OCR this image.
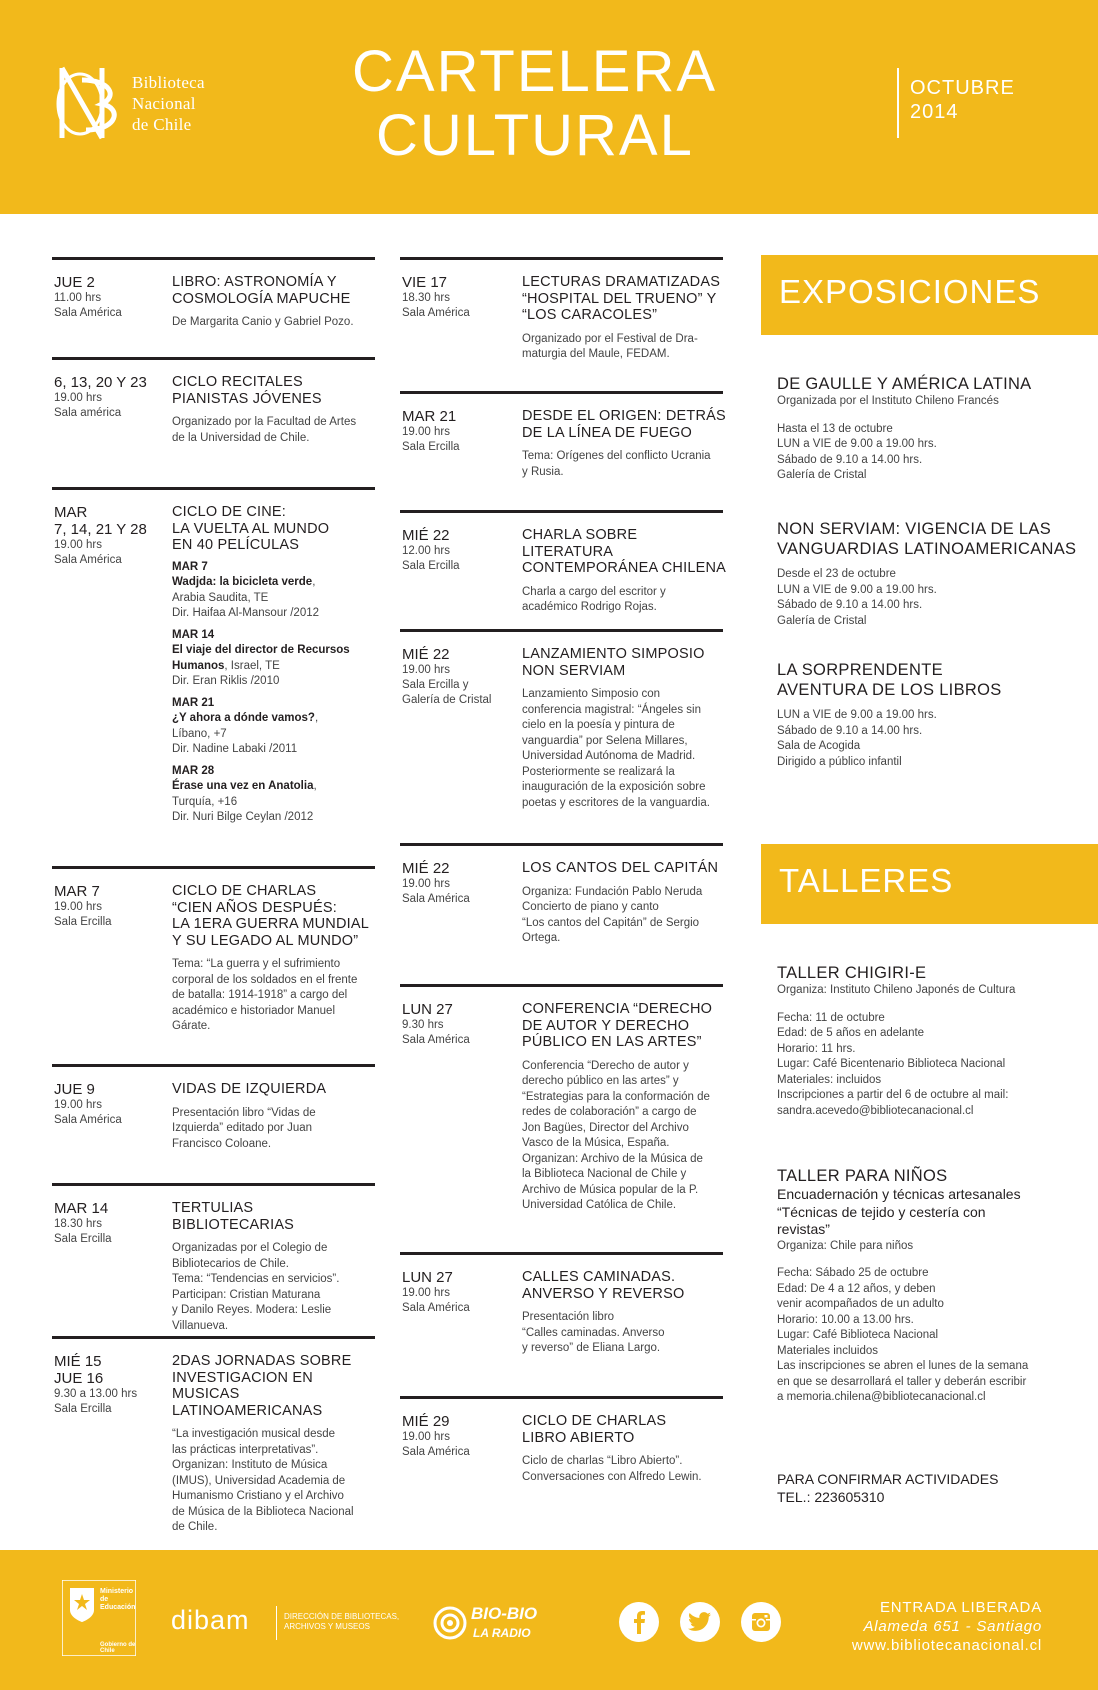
Biblioteca
Nacional
de Chile
CARTELERA
CULTURAL
OCTUBRE
2014
JUE 2
11.00 hrs
Sala América
LIBRO: ASTRONOMÍA Y COSMOLOGÍA MAPUCHE
De Margarita Canio y Gabriel Pozo.
6, 13, 20 Y 23
19.00 hrs
Sala américa
CICLO RECITALES PIANISTAS JÓVENES
Organizado por la Facultad de Artes
de la Universidad de Chile.
MAR
7, 14, 21 Y 28
19.00 hrs
Sala América
CICLO DE CINE:
LA VUELTA AL MUNDO
EN 40 PELÍCULAS
MAR 7
Wadjda: la bicicleta verde,
Arabia Saudita, TE
Dir. Haifaa Al-Mansour /2012
MAR 14
El viaje del director de Recursos Humanos, Israel, TE
Dir. Eran Riklis /2010
MAR 21
¿Y ahora a dónde vamos?,
Líbano, +7
Dir. Nadine Labaki /2011
MAR 28
Érase una vez en Anatolia,
Turquía, +16
Dir. Nuri Bilge Ceylan /2012
MAR 7
19.00 hrs
Sala Ercilla
CICLO DE CHARLAS
“CIEN AÑOS DESPUÉS:
LA 1ERA GUERRA MUNDIAL
Y SU LEGADO AL MUNDO”
Tema: “La guerra y el sufrimiento
corporal de los soldados en el frente
de batalla: 1914-1918” a cargo del
académico e historiador Manuel
Gárate.
JUE 9
19.00 hrs
Sala América
VIDAS DE IZQUIERDA
Presentación libro “Vidas de
Izquierda” editado por Juan
Francisco Coloane.
MAR 14
18.30 hrs
Sala Ercilla
TERTULIAS BIBLIOTECARIAS
Organizadas por el Colegio de
Bibliotecarios de Chile.
Tema: “Tendencias en servicios”.
Participan: Cristian Maturana
y Danilo Reyes. Modera: Leslie
Villanueva.
MIÉ 15
JUE 16
9.30 a 13.00 hrs
Sala Ercilla
2DAS JORNADAS SOBRE
INVESTIGACION EN MUSICAS
LATINOAMERICANAS
“La investigación musical desde
las prácticas interpretativas”.
Organizan: Instituto de Música
(IMUS), Universidad Academia de
Humanismo Cristiano y el Archivo
de Música de la Biblioteca Nacional
de Chile.
VIE 17
18.30 hrs
Sala América
LECTURAS DRAMATIZADAS
“HOSPITAL DEL TRUENO” Y
“LOS CARACOLES”
Organizado por el Festival de Dra-
maturgia del Maule, FEDAM.
MAR 21
19.00 hrs
Sala Ercilla
DESDE EL ORIGEN: DETRÁS
DE LA LÍNEA DE FUEGO
Tema: Orígenes del conflicto Ucrania
y Rusia.
MIÉ 22
12.00 hrs
Sala Ercilla
CHARLA SOBRE LITERATURA
CONTEMPORÁNEA CHILENA
Charla a cargo del escritor y
académico Rodrigo Rojas.
MIÉ 22
19.00 hrs
Sala Ercilla y
Galería de Cristal
LANZAMIENTO SIMPOSIO
NON SERVIAM
Lanzamiento Simposio con
conferencia magistral: “Ángeles sin
cielo en la poesía y pintura de
vanguardia” por Selena Millares,
Universidad Autónoma de Madrid.
Posteriormente se realizará la
inauguración de la exposición sobre
poetas y escritores de la vanguardia.
MIÉ 22
19.00 hrs
Sala América
LOS CANTOS DEL CAPITÁN
Organiza: Fundación Pablo Neruda
Concierto de piano y canto
“Los cantos del Capitán” de Sergio
Ortega.
LUN 27
9.30 hrs
Sala América
CONFERENCIA “DERECHO
DE AUTOR Y DERECHO
PÚBLICO EN LAS ARTES”
Conferencia “Derecho de autor y
derecho público en las artes” y
“Estrategias para la conformación de
redes de colaboración” a cargo de
Jon Bagües, Director del Archivo
Vasco de la Música, España.
Organizan: Archivo de la Música de
la Biblioteca Nacional de Chile y
Archivo de Música popular de la P.
Universidad Católica de Chile.
LUN 27
19.00 hrs
Sala América
CALLES CAMINADAS.
ANVERSO Y REVERSO
Presentación libro
“Calles caminadas. Anverso
y reverso” de Eliana Largo.
MIÉ 29
19.00 hrs
Sala América
CICLO DE CHARLAS
LIBRO ABIERTO
Ciclo de charlas “Libro Abierto”.
Conversaciones con Alfredo Lewin.
EXPOSICIONES
DE GAULLE Y AMÉRICA LATINA
Organizada por el Instituto Chileno Francés
Hasta el 13 de octubre
LUN a VIE de 9.00 a 19.00 hrs.
Sábado de 9.10 a 14.00 hrs.
Galería de Cristal
NON SERVIAM: VIGENCIA DE LAS
VANGUARDIAS LATINOAMERICANAS
Desde el 23 de octubre
LUN a VIE de 9.00 a 19.00 hrs.
Sábado de 9.10 a 14.00 hrs.
Galería de Cristal
LA SORPRENDENTE
AVENTURA DE LOS LIBROS
LUN a VIE de 9.00 a 19.00 hrs.
Sábado de 9.10 a 14.00 hrs.
Sala de Acogida
Dirigido a público infantil
TALLERES
TALLER CHIGIRI-E
Organiza: Instituto Chileno Japonés de Cultura
Fecha: 11 de octubre
Edad: de 5 años en adelante
Horario: 11 hrs.
Lugar: Café Bicentenario Biblioteca Nacional
Materiales: incluidos
Inscripciones a partir del 6 de octubre al mail:
sandra.acevedo@bibliotecanacional.cl
TALLER PARA NIÑOS
Encuadernación y técnicas artesanales
“Técnicas de tejido y cestería con
revistas”
Organiza: Chile para niños
Fecha: Sábado 25 de octubre
Edad: De 4 a 12 años, y deben
venir acompañados de un adulto
Horario: 10.00 a 13.00 hrs.
Lugar: Café Biblioteca Nacional
Materiales incluidos
Las inscripciones se abren el lunes de la semana
en que se desarrollará el taller y deberán escribir
a memoria.chilena@bibliotecanacional.cl
PARA CONFIRMAR ACTIVIDADES
TEL.: 223605310
Ministerio de
Educación
Gobierno de Chile
dibam	DIRECCIÓN DE BIBLIOTECAS, ARCHIVOS Y MUSEOS
BIO-BIO
LA RADIO
ENTRADA LIBERADA
Alameda 651 - Santiago
www.bibliotecanacional.cl
